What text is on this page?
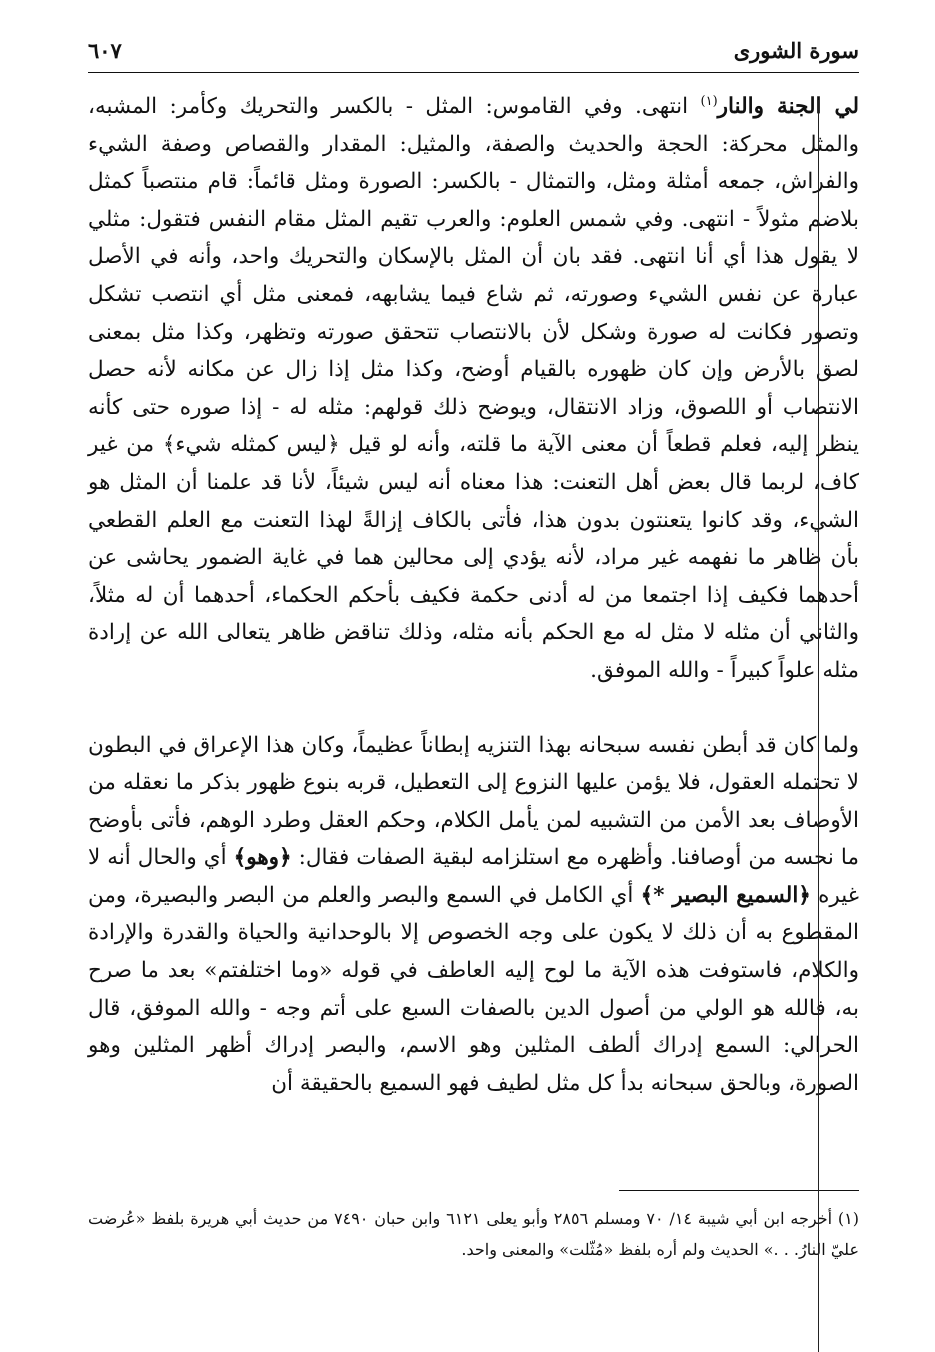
سورة الشورى
٦٠٧

لي الجنة والنار$^{(١)}$ انتهى. وفي القاموس: المثل - بالكسر والتحريك وكأمر: المشبه، والمثل محركة: الحجة والحديث والصفة، والمثيل: المقدار والقصاص وصفة الشيء والفراش، جمعه أمثلة ومثل، والتمثال - بالكسر: الصورة ومثل قائماً: قام منتصباً كمثل بلاضم مثولاً - انتهى. وفي شمس العلوم: والعرب تقيم المثل مقام النفس فتقول: مثلي لا يقول هذا أي أنا انتهى. فقد بان أن المثل بالإسكان والتحريك واحد، وأنه في الأصل عبارة عن نفس الشيء وصورته، ثم شاع فيما يشابهه، فمعنى مثل أي انتصب تشكل وتصور فكانت له صورة وشكل لأن بالانتصاب تتحقق صورته وتظهر، وكذا مثل بمعنى لصق بالأرض وإن كان ظهوره بالقيام أوضح، وكذا مثل إذا زال عن مكانه لأنه حصل الانتصاب أو اللصوق، وزاد الانتقال، ويوضح ذلك قولهم: مثله له - إذا صوره حتى كأنه ينظر إليه، فعلم قطعاً أن معنى الآية ما قلته، وأنه لو قيل ﴿ليس كمثله شيء﴾ من غير كاف، لربما قال بعض أهل التعنت: هذا معناه أنه ليس شيئاً، لأنا قد علمنا أن المثل هو الشيء، وقد كانوا يتعنتون بدون هذا، فأتى بالكاف إزالةً لهذا التعنت مع العلم القطعي بأن ظاهر ما نفهمه غير مراد، لأنه يؤدي إلى محالين هما في غاية الضمور يحاشى عن أحدهما فكيف إذا اجتمعا من له أدنى حكمة فكيف بأحكم الحكماء، أحدهما أن له مثلاً، والثاني أن مثله لا مثل له مع الحكم بأنه مثله، وذلك تناقض ظاهر يتعالى الله عن إرادة مثله علواً كبيراً - والله الموفق.

ولما كان قد أبطن نفسه سبحانه بهذا التنزيه إبطاناً عظيماً، وكان هذا الإعراق في البطون لا تحتمله العقول، فلا يؤمن عليها النزوع إلى التعطيل، قربه بنوع ظهور بذكر ما نعقله من الأوصاف بعد الأمن من التشبيه لمن يأمل الكلام، وحكم العقل وطرد الوهم، فأتى بأوضح ما نحسه من أوصافنا. وأظهره مع استلزامه لبقية الصفات فقال: ﴿وهو﴾ أي والحال أنه لا غيره ﴿السميع البصير *﴾ أي الكامل في السمع والبصر والعلم من البصر والبصيرة، ومن المقطوع به أن ذلك لا يكون على وجه الخصوص إلا بالوحدانية والحياة والقدرة والإرادة والكلام، فاستوفت هذه الآية ما لوح إليه العاطف في قوله «وما اختلفتم» بعد ما صرح به، فالله هو الولي من أصول الدين بالصفات السبع على أتم وجه - والله الموفق، قال الحرالي: السمع إدراك ألطف المثلين وهو الاسم، والبصر إدراك أظهر المثلين وهو الصورة، وبالحق سبحانه بدأ كل مثل لطيف فهو السميع بالحقيقة أن

(١) أخرجه ابن أبي شيبة ١٤/ ٧٠ ومسلم ٢٨٥٦ وأبو يعلى ٦١٢١ وابن حبان ٧٤٩٠ من حديث أبي هريرة بلفظ «عُرضت عليّ النارُ. . .» الحديث ولم أره بلفظ «مُثّلت» والمعنى واحد.
